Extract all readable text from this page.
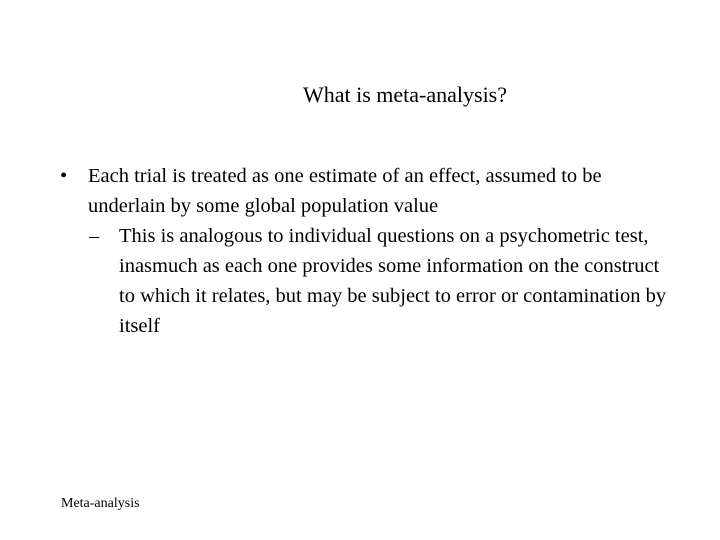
What is meta-analysis?
• Each trial is treated as one estimate of an effect, assumed to be underlain by some global population value
– This is analogous to individual questions on a psychometric test, inasmuch as each one provides some information on the construct to which it relates, but may be subject to error or contamination by itself
Meta-analysis
